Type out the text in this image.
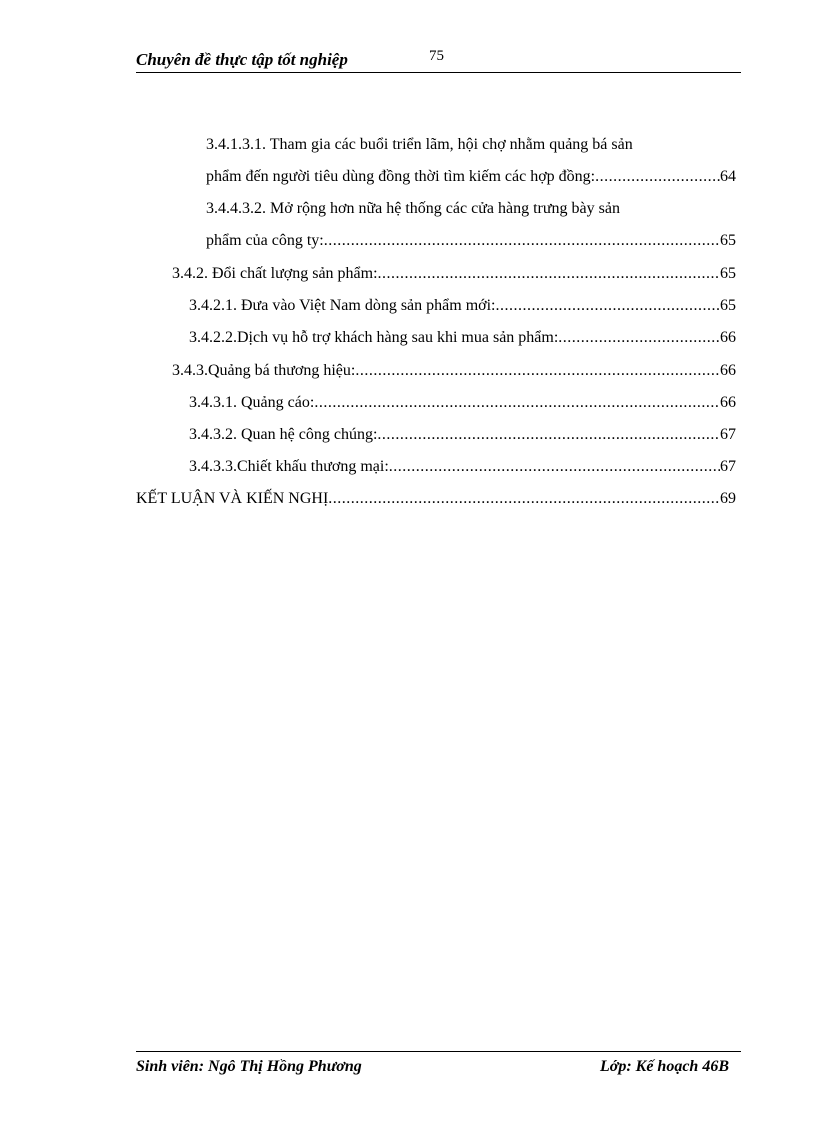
Chuyên đề thực tập tốt nghiệp	75
3.4.1.3.1. Tham gia các buổi triển lãm, hội chợ nhằm quảng bá sản
phẩm đến người tiêu dùng đồng thời tìm kiếm các hợp đồng: .....	64
3.4.4.3.2. Mở rộng hơn nữa hệ thống các cửa hàng trưng bày sản
phẩm của công ty: .....	65
3.4.2. Đổi chất lượng sản phẩm: .....	65
3.4.2.1. Đưa vào Việt Nam dòng sản phẩm mới: .....	65
3.4.2.2.Dịch vụ hỗ trợ khách hàng sau khi mua sản phẩm: .....	66
3.4.3.Quảng bá thương hiệu: .....	66
3.4.3.1. Quảng cáo: .....	66
3.4.3.2. Quan hệ công chúng: .....	67
3.4.3.3.Chiết khấu thương mại: .....	67
KẾT LUẬN VÀ KIẾN NGHỊ .....	69
Sinh viên: Ngô Thị Hồng Phương	Lớp: Kế hoạch 46B
